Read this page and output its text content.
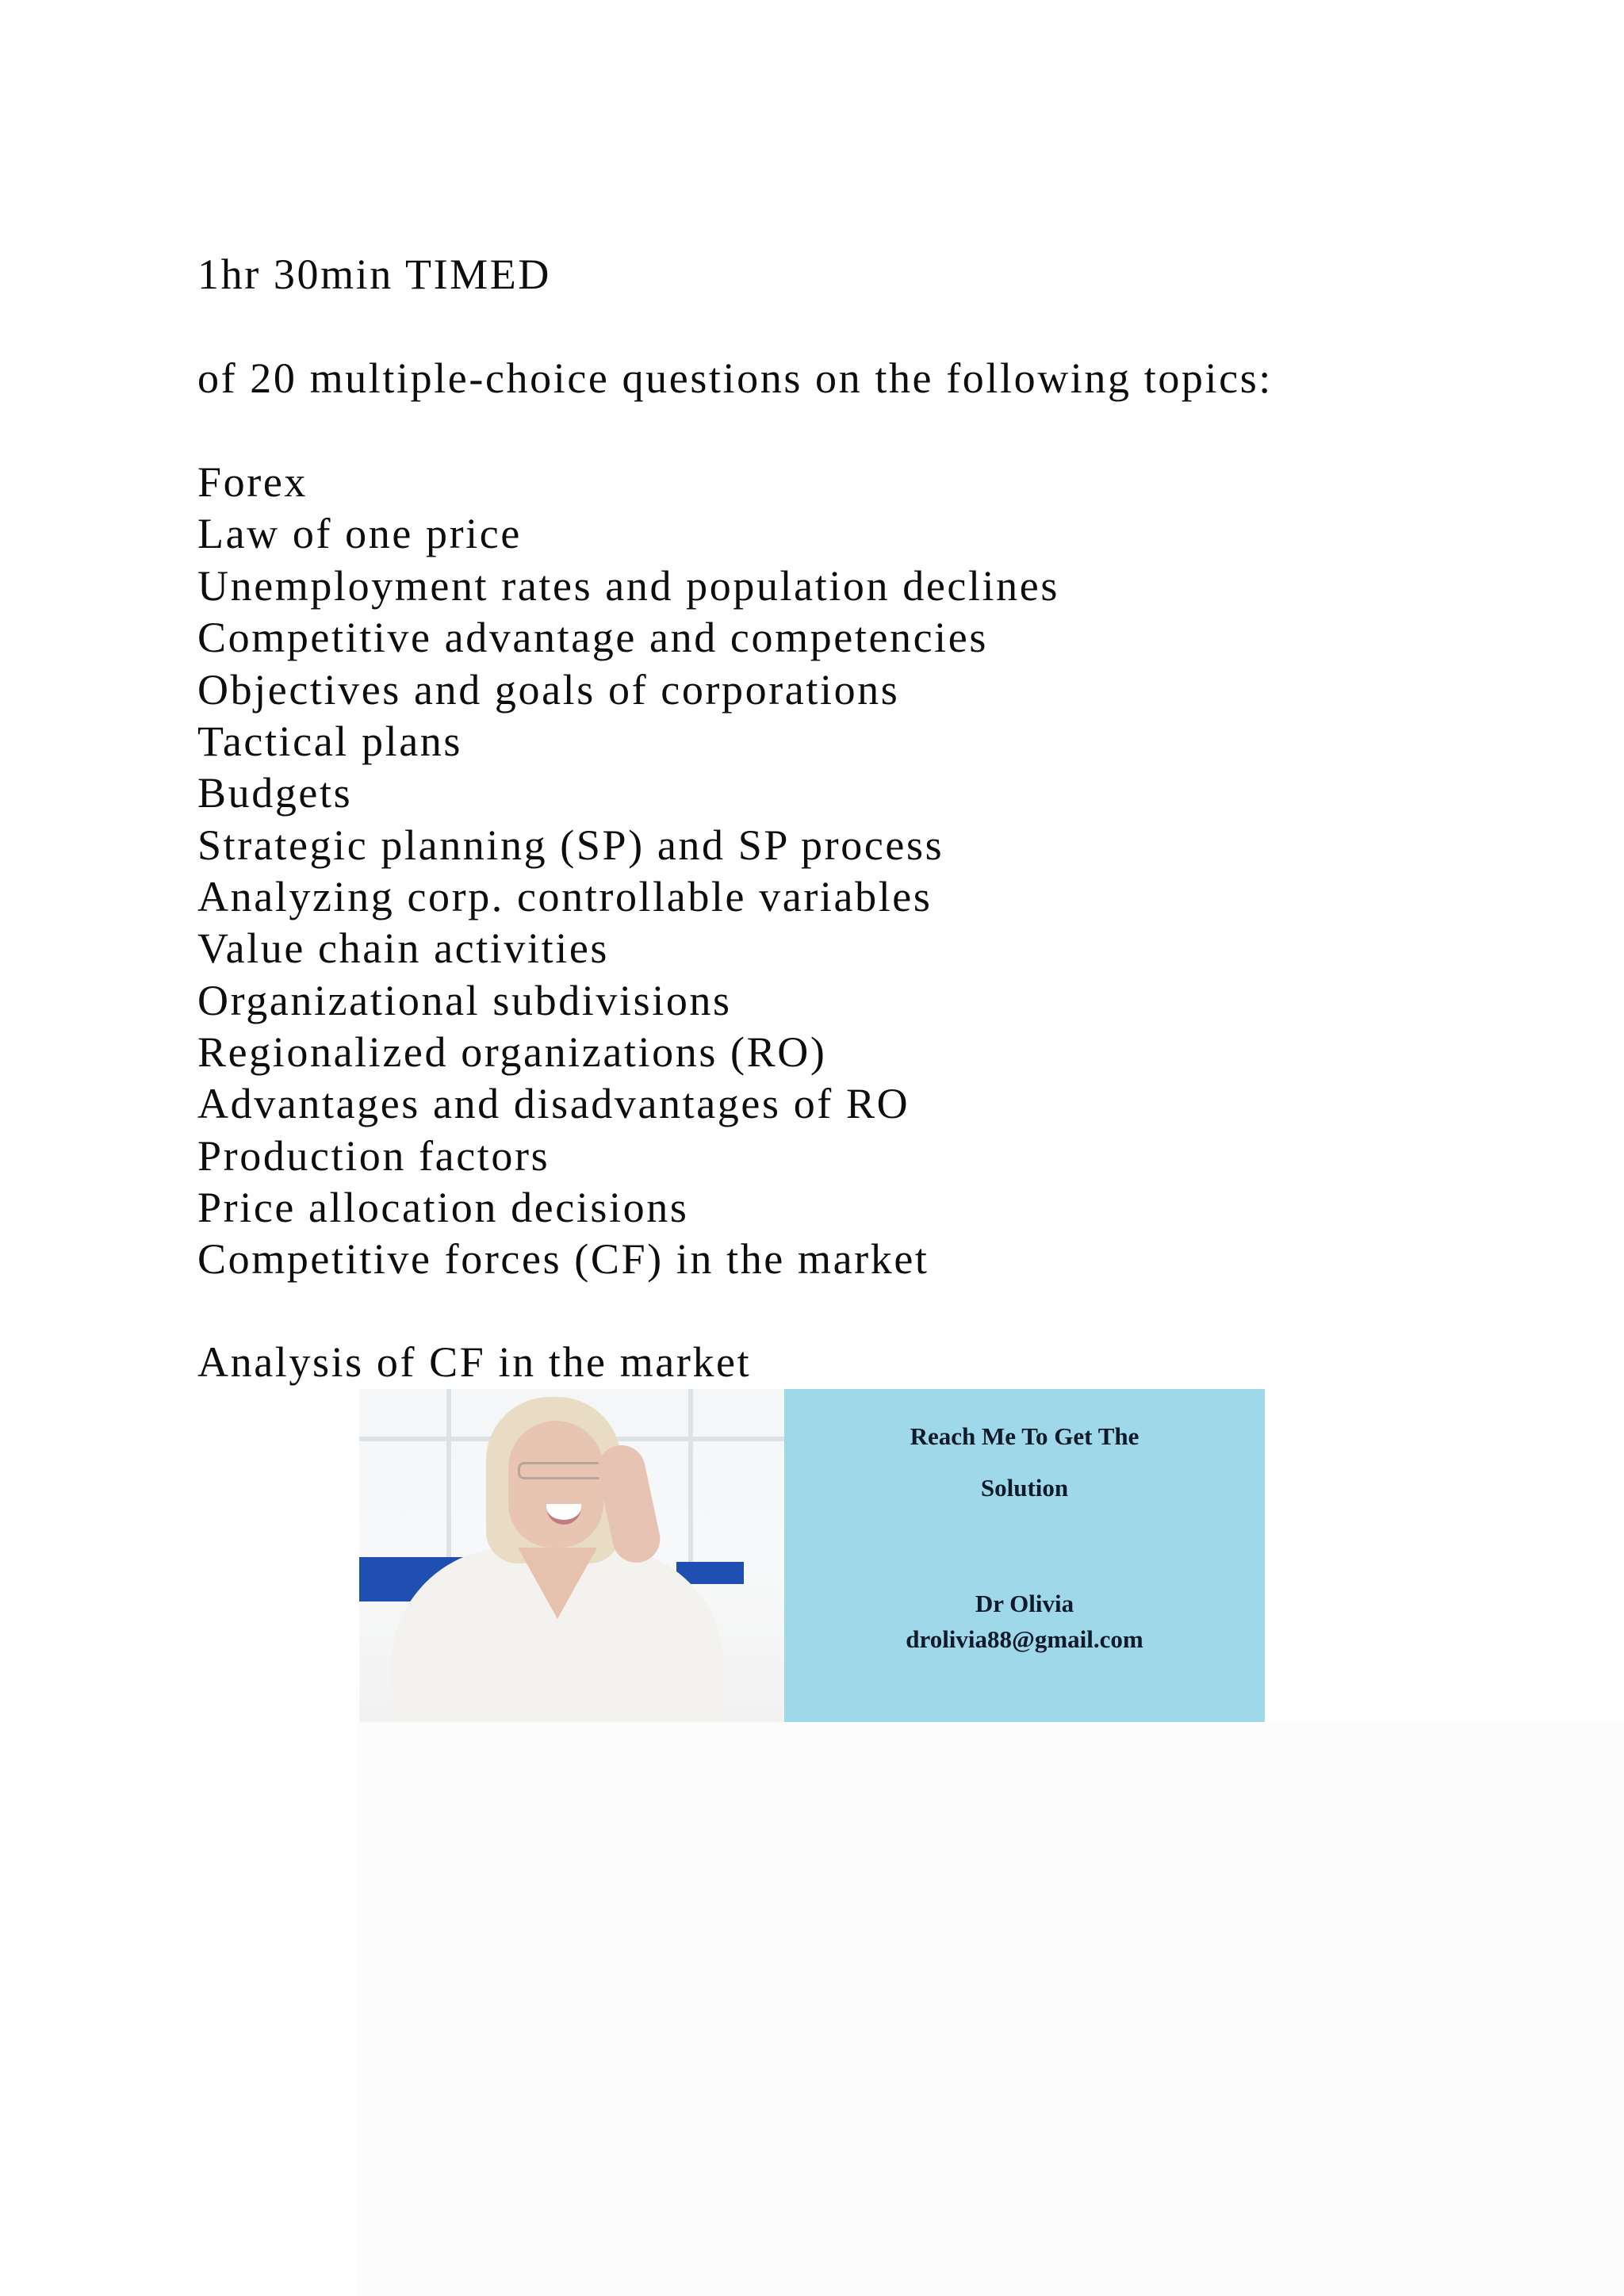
1hr 30min TIMED
of 20 multiple-choice questions on the following topics:
Forex
Law of one price
Unemployment rates and population declines
Competitive advantage and competencies
Objectives and goals of corporations
Tactical plans
Budgets
Strategic planning (SP) and SP process
Analyzing corp. controllable variables
Value chain activities
Organizational subdivisions
Regionalized organizations (RO)
Advantages and disadvantages of RO
Production factors
Price allocation decisions
Competitive forces (CF) in the market
Analysis of CF in the market
Reach Me To Get The
Solution
Dr Olivia
drolivia88@gmail.com
